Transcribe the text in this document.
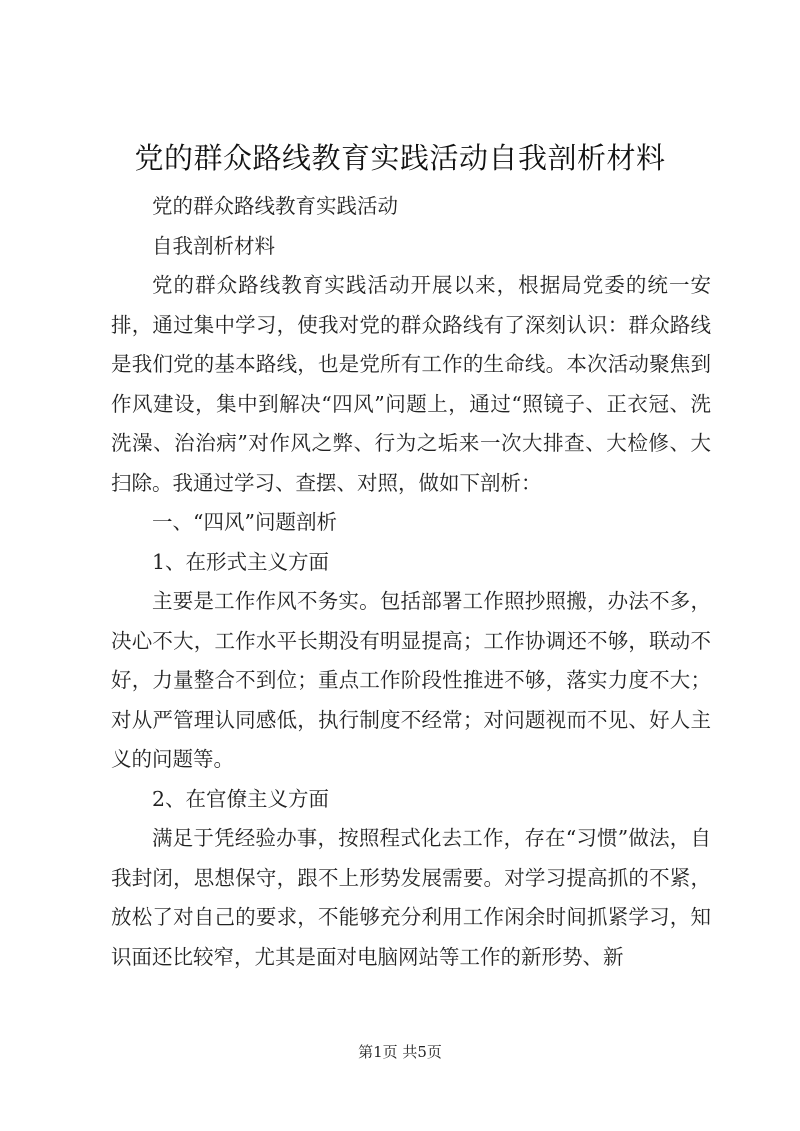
党的群众路线教育实践活动自我剖析材料

党的群众路线教育实践活动

自我剖析材料

党的群众路线教育实践活动开展以来，根据局党委的统一安排，通过集中学习，使我对党的群众路线有了深刻认识：群众路线是我们党的基本路线，也是党所有工作的生命线。本次活动聚焦到作风建设，集中到解决“四风”问题上，通过“照镜子、正衣冠、洗洗澡、治治病”对作风之弊、行为之垢来一次大排查、大检修、大扫除。我通过学习、查摆、对照，做如下剖析：

一、“四风”问题剖析

1、在形式主义方面

主要是工作作风不务实。包括部署工作照抄照搬，办法不多，决心不大，工作水平长期没有明显提高；工作协调还不够，联动不好，力量整合不到位；重点工作阶段性推进不够，落实力度不大；对从严管理认同感低，执行制度不经常；对问题视而不见、好人主义的问题等。

2、在官僚主义方面

满足于凭经验办事，按照程式化去工作，存在“习惯”做法，自我封闭，思想保守，跟不上形势发展需要。对学习提高抓的不紧，放松了对自己的要求，不能够充分利用工作闲余时间抓紧学习，知识面还比较窄，尤其是面对电脑网站等工作的新形势、新

第1页 共5页
